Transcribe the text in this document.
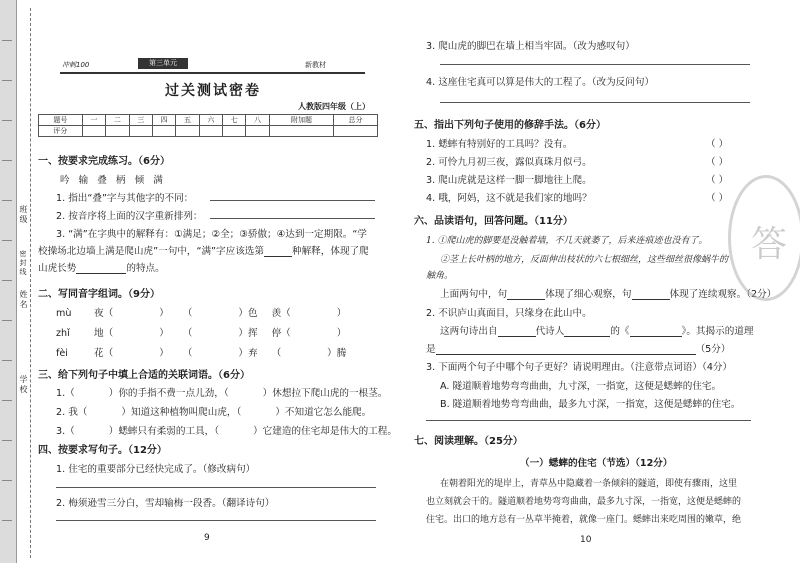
班级
姓名
密封线
学校
冲刺100	第三单元	新教材
过关测试密卷
人教版四年级（上）
题号	一	二	三	四	五	六	七	八	附加题	总分
评分										
一、按要求完成练习。（6分）
吟 输 叠 柄 倾 满
1. 指出“叠”字与其他字的不同：
2. 按音序将上面的汉字重新排列：
3. “满”在字典中的解释有：①满足；②全；③骄傲；④达到一定期限。“学
校操场北边墙上满是爬山虎”一句中，“满”字应该选第	种解释，体现了爬
山虎长势	的特点。
二、写同音字组词。（9分）
mù 夜（	） （	）色 羡（	）
zhǐ	地（	） （	）挥 停（	）
fèi	花（	） （	）弃 （	）腾
三、给下列句子中填上合适的关联词语。（6分）
1.（	）你的手指不费一点儿劲，（	）休想拉下爬山虎的一根茎。
2. 我（	）知道这种植物叫爬山虎，（	）不知道它怎么能爬。
3.（	）蟋蟀只有柔弱的工具，（	）它建造的住宅却是伟大的工程。
四、按要求写句子。（12分）
1. 住宅的重要部分已经快完成了。（修改病句）
2. 梅须逊雪三分白，雪却输梅一段香。（翻译诗句）
9
3. 爬山虎的脚巴在墙上相当牢固。（改为感叹句）
4. 这座住宅真可以算是伟大的工程了。（改为反问句）
五、指出下列句子使用的修辞手法。（6分）
1. 蟋蟀有特别好的工具吗？没有。	（ ）
2. 可怜九月初三夜，露似真珠月似弓。	（ ）
3. 爬山虎就是这样一脚一脚地往上爬。	（ ）
4. 哦，阿妈，这不就是我们家的地吗？	（ ）
六、品读语句，回答问题。（11分）
1. ①爬山虎的脚要是没触着墙，不几天就萎了，后来连痕迹也没有了。
②茎上长叶柄的地方，反面伸出枝状的六七根细丝，这些细丝很像蜗牛的
触角。
上面两句中，句	体现了细心观察，句	体现了连续观察。（2分）
2. 不识庐山真面目，只缘身在此山中。
这两句诗出自	代诗人	的《	》。其揭示的道理
是	（5分）
3. 下面两个句子中哪个句子更好？请说明理由。（注意带点词语）（4分）
A. 隧道顺着地势弯弯曲曲，九寸深，一指宽，这便是蟋蟀的住宅。
B. 隧道顺着地势弯弯曲曲，最多九寸深，一指宽，这便是蟋蟀的住宅。
七、阅读理解。（25分）
（一）蟋蟀的住宅（节选）（12分）
在朝着阳光的堤岸上，青草丛中隐藏着一条倾斜的隧道，即使有骤雨，这里
也立刻就会干的。隧道顺着地势弯弯曲曲，最多九寸深，一指宽，这便是蟋蟀的
住宅。出口的地方总有一丛草半掩着，就像一座门。蟋蟀出来吃周围的嫩草，绝
10
答
